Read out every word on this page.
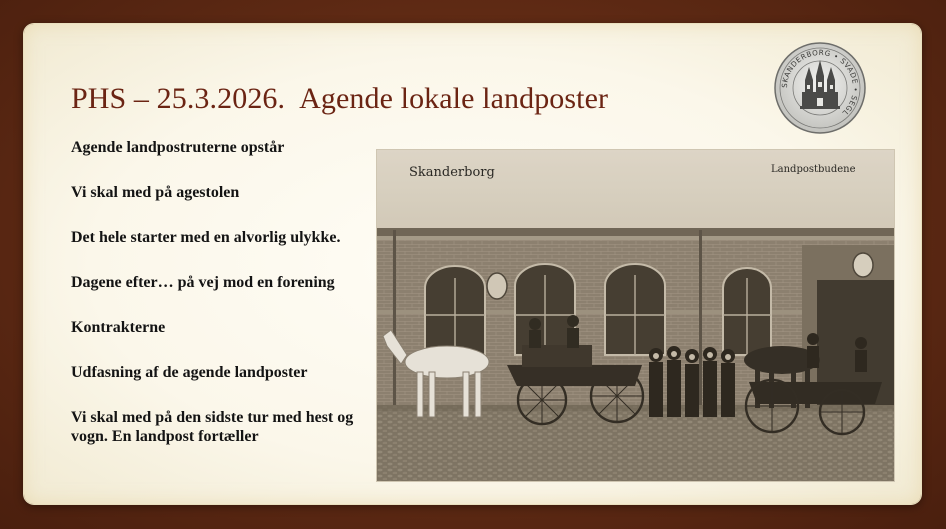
PHS – 25.3.2026. Agende lokale landposter	SKANDERBORG • SVADE • SEGL
Agende landpostruterne opstår
Vi skal med på agestolen
Det hele starter med en alvorlig ulykke.
Dagene efter… på vej mod en forening
Kontrakterne
Udfasning af de agende landposter
Vi skal med på den sidste tur med hest og vogn. En landpost fortæller
Skanderborg	Landpostbudene
